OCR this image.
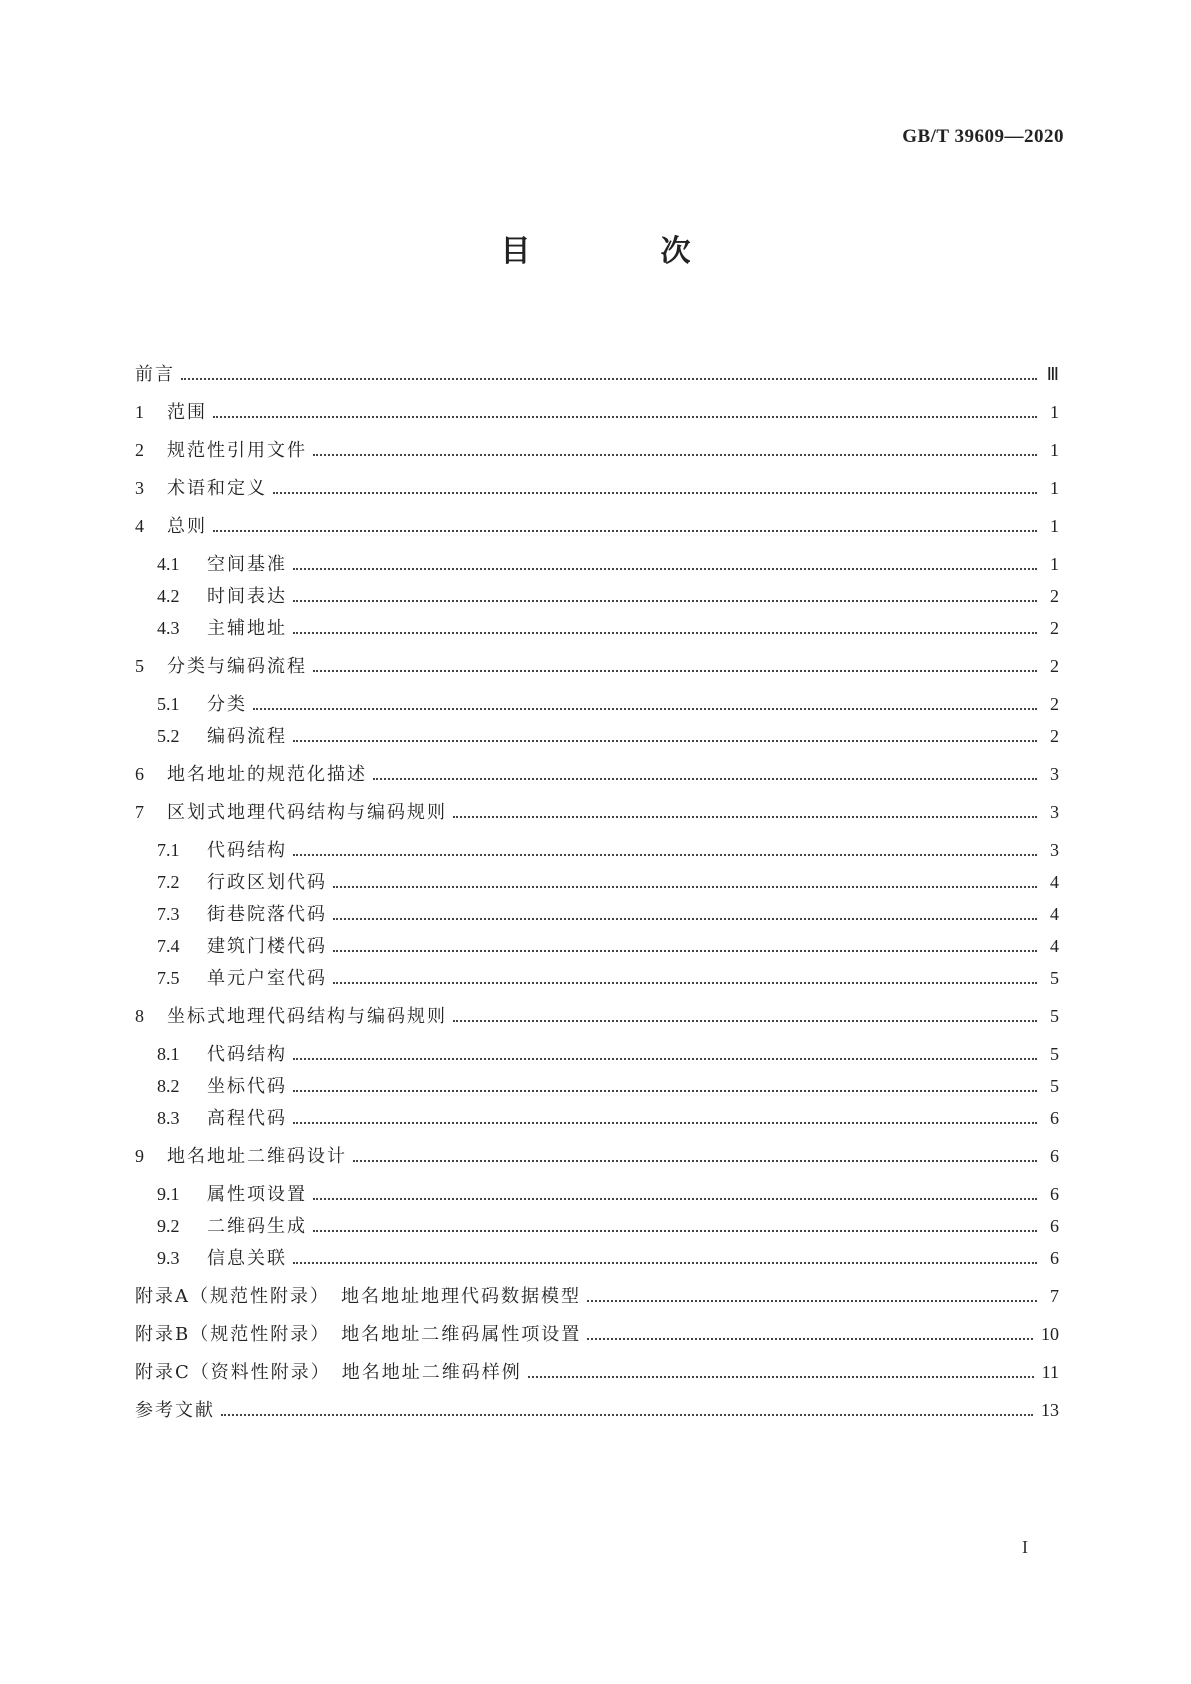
GB/T 39609—2020
目　次
前言	Ⅲ
1	范围	1
2	规范性引用文件	1
3	术语和定义	1
4	总则	1
4.1	空间基准	1
4.2	时间表达	2
4.3	主辅地址	2
5	分类与编码流程	2
5.1	分类	2
5.2	编码流程	2
6	地名地址的规范化描述	3
7	区划式地理代码结构与编码规则	3
7.1	代码结构	3
7.2	行政区划代码	4
7.3	街巷院落代码	4
7.4	建筑门楼代码	4
7.5	单元户室代码	5
8	坐标式地理代码结构与编码规则	5
8.1	代码结构	5
8.2	坐标代码	5
8.3	高程代码	6
9	地名地址二维码设计	6
9.1	属性项设置	6
9.2	二维码生成	6
9.3	信息关联	6
附录A（规范性附录）　地名地址地理代码数据模型	7
附录B（规范性附录）　地名地址二维码属性项设置	10
附录C（资料性附录）　地名地址二维码样例	11
参考文献	13
I
